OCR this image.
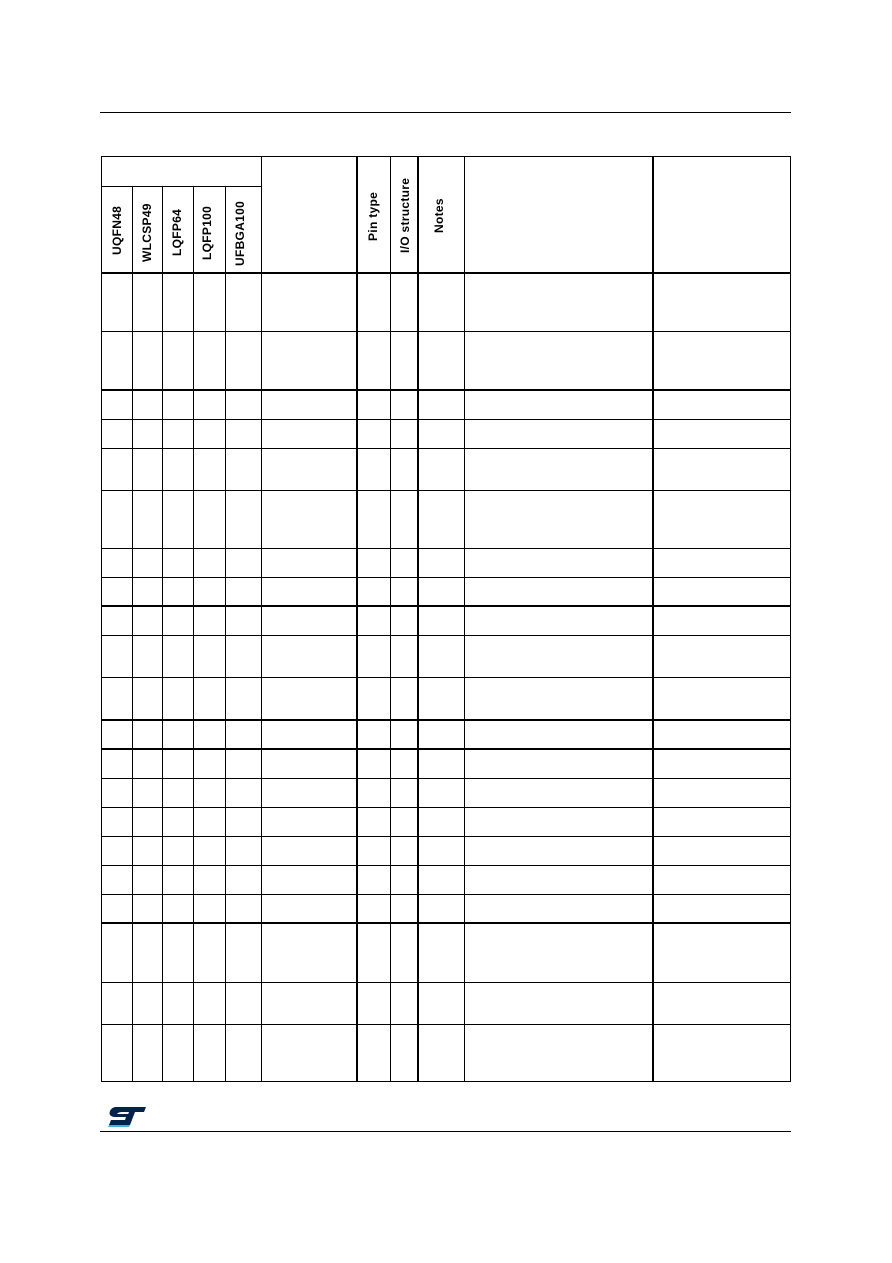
UQFN48 WLCSP49 LQFP64 LQFP100 UFBGA100	Pin type I/O structure Notes
